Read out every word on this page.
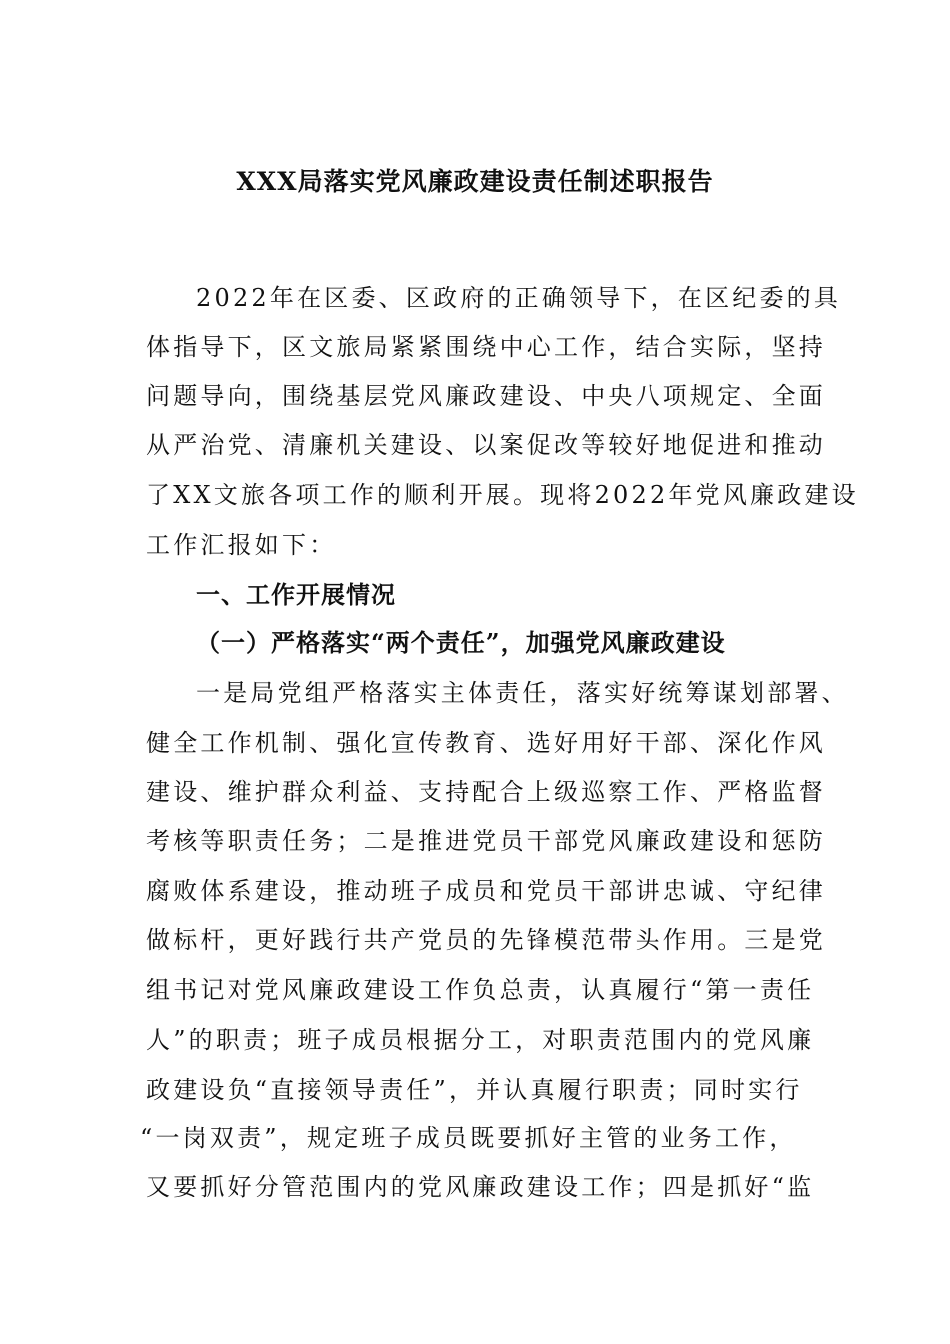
XXX局落实党风廉政建设责任制述职报告
2022年在区委、区政府的正确领导下，在区纪委的具
体指导下，区文旅局紧紧围绕中心工作，结合实际，坚持
问题导向，围绕基层党风廉政建设、中央八项规定、全面
从严治党、清廉机关建设、以案促改等较好地促进和推动
了XX文旅各项工作的顺利开展。现将2022年党风廉政建设
工作汇报如下：
一、工作开展情况
（一）严格落实“两个责任”，加强党风廉政建设
一是局党组严格落实主体责任，落实好统筹谋划部署、
健全工作机制、强化宣传教育、选好用好干部、深化作风
建设、维护群众利益、支持配合上级巡察工作、严格监督
考核等职责任务；二是推进党员干部党风廉政建设和惩防
腐败体系建设，推动班子成员和党员干部讲忠诚、守纪律
做标杆，更好践行共产党员的先锋模范带头作用。三是党
组书记对党风廉政建设工作负总责，认真履行“第一责任
人”的职责；班子成员根据分工，对职责范围内的党风廉
政建设负“直接领导责任”，并认真履行职责；同时实行
“一岗双责”，规定班子成员既要抓好主管的业务工作，
又要抓好分管范围内的党风廉政建设工作；四是抓好“监
